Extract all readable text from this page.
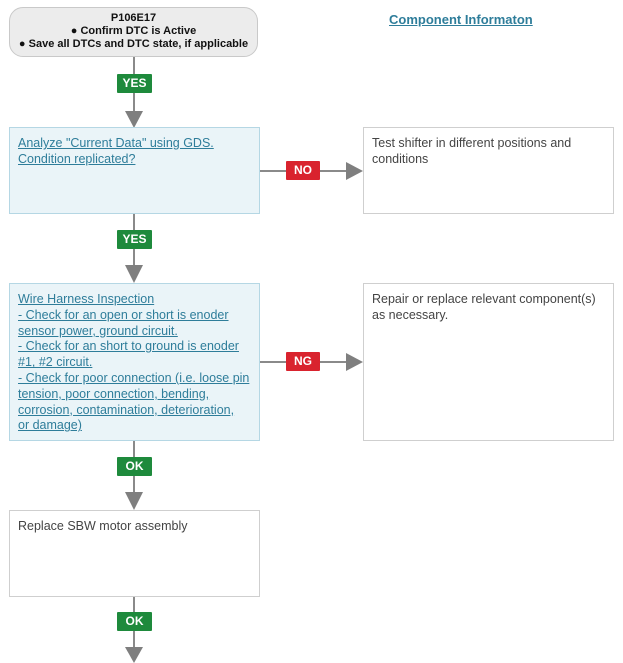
P106E17
● Confirm DTC is Active
● Save all DTCs and DTC state, if applicable
Component Informaton
YES
Analyze "Current Data" using GDS.
Condition replicated?
NO
Test shifter in different positions and conditions
YES
Wire Harness Inspection
- Check for an open or short is enoder
sensor power, ground circuit.
- Check for an short to ground is enoder
#1, #2 circuit.
- Check for poor connection (i.e. loose pin
tension, poor connection, bending,
corrosion, contamination, deterioration,
or damage)
NG
Repair or replace relevant component(s) as necessary.
OK
Replace SBW motor assembly
OK
